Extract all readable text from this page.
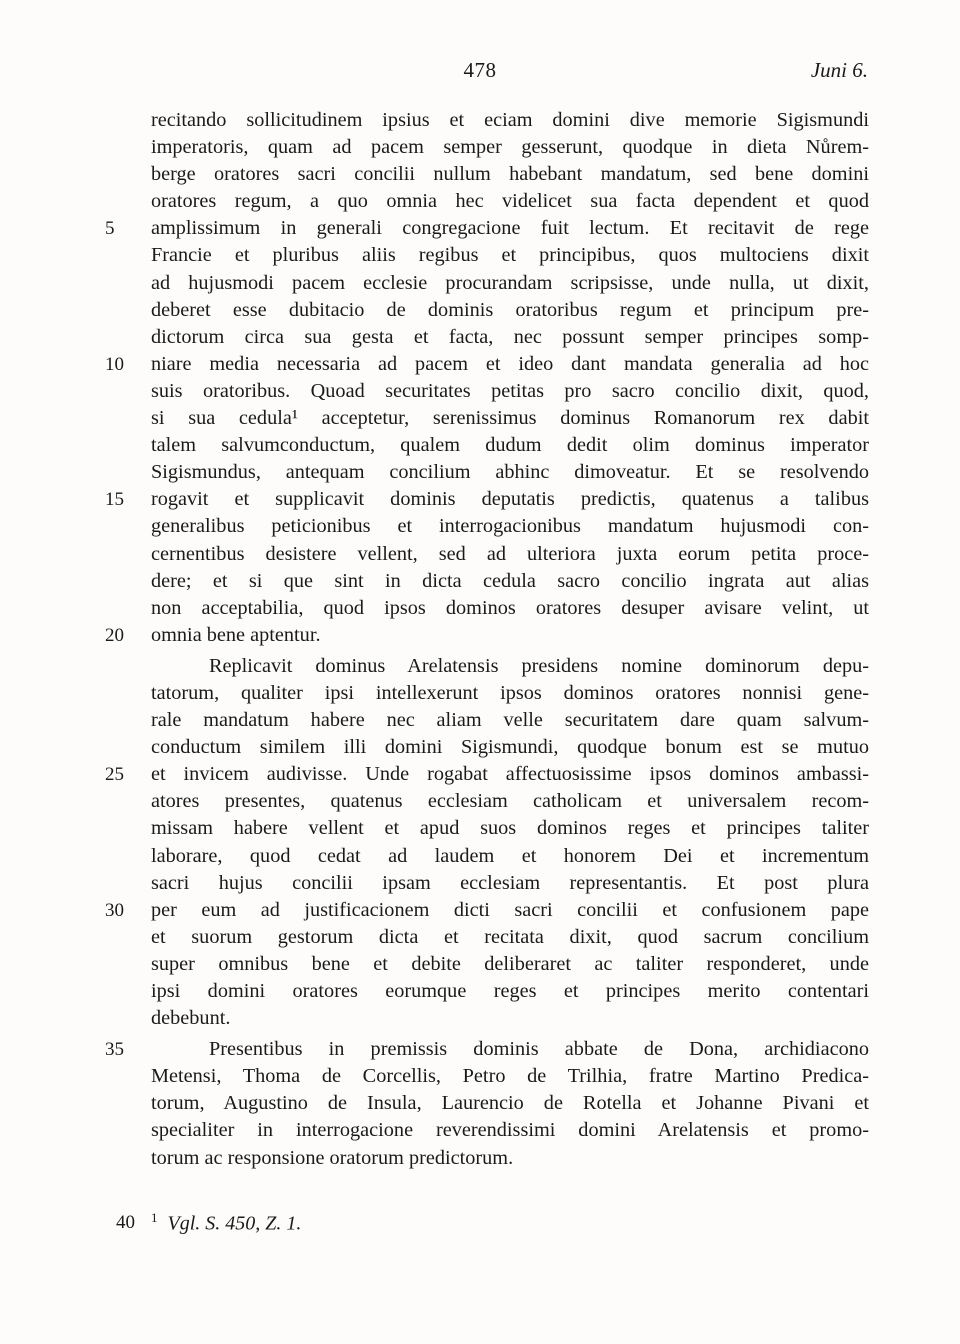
478	Juni 6.
recitando sollicitudinem ipsius et eciam domini dive memorie Sigismundi
imperatoris, quam ad pacem semper gesserunt, quodque in dieta Nůrem-
berge oratores sacri concilii nullum habebant mandatum, sed bene domini
oratores regum, a quo omnia hec videlicet sua facta dependent et quod
5	amplissimum in generali congregacione fuit lectum. Et recitavit de rege
Francie et pluribus aliis regibus et principibus, quos multociens dixit
ad hujusmodi pacem ecclesie procurandam scripsisse, unde nulla, ut dixit,
deberet esse dubitacio de dominis oratoribus regum et principum pre-
dictorum circa sua gesta et facta, nec possunt semper principes somp-
10	niare media necessaria ad pacem et ideo dant mandata generalia ad hoc
suis oratoribus. Quoad securitates petitas pro sacro concilio dixit, quod,
si sua cedula¹ acceptetur, serenissimus dominus Romanorum rex dabit
talem salvumconductum, qualem dudum dedit olim dominus imperator
Sigismundus, antequam concilium abhinc dimoveatur. Et se resolvendo
15	rogavit et supplicavit dominis deputatis predictis, quatenus a talibus
generalibus peticionibus et interrogacionibus mandatum hujusmodi con-
cernentibus desistere vellent, sed ad ulteriora juxta eorum petita proce-
dere; et si que sint in dicta cedula sacro concilio ingrata aut alias
non acceptabilia, quod ipsos dominos oratores desuper avisare velint, ut
20	omnia bene aptentur.
Replicavit dominus Arelatensis presidens nomine dominorum depu-
tatorum, qualiter ipsi intellexerunt ipsos dominos oratores nonnisi gene-
rale mandatum habere nec aliam velle securitatem dare quam salvum-
conductum similem illi domini Sigismundi, quodque bonum est se mutuo
25	et invicem audivisse. Unde rogabat affectuosissime ipsos dominos ambassi-
atores presentes, quatenus ecclesiam catholicam et universalem recom-
missam habere vellent et apud suos dominos reges et principes taliter
laborare, quod cedat ad laudem et honorem Dei et incrementum
sacri hujus concilii ipsam ecclesiam representantis. Et post plura
30	per eum ad justificacionem dicti sacri concilii et confusionem pape
et suorum gestorum dicta et recitata dixit, quod sacrum concilium
super omnibus bene et debite deliberaret ac taliter responderet, unde
ipsi domini oratores eorumque reges et principes merito contentari
debebunt.
35	Presentibus in premissis dominis abbate de Dona, archidiacono
Metensi, Thoma de Corcellis, Petro de Trilhia, fratre Martino Predica-
torum, Augustino de Insula, Laurencio de Rotella et Johanne Pivani et
specialiter in interrogacione reverendissimi domini Arelatensis et promo-
torum ac responsione oratorum predictorum.
40 $^1$ Vgl. S. 450, Z. 1.
